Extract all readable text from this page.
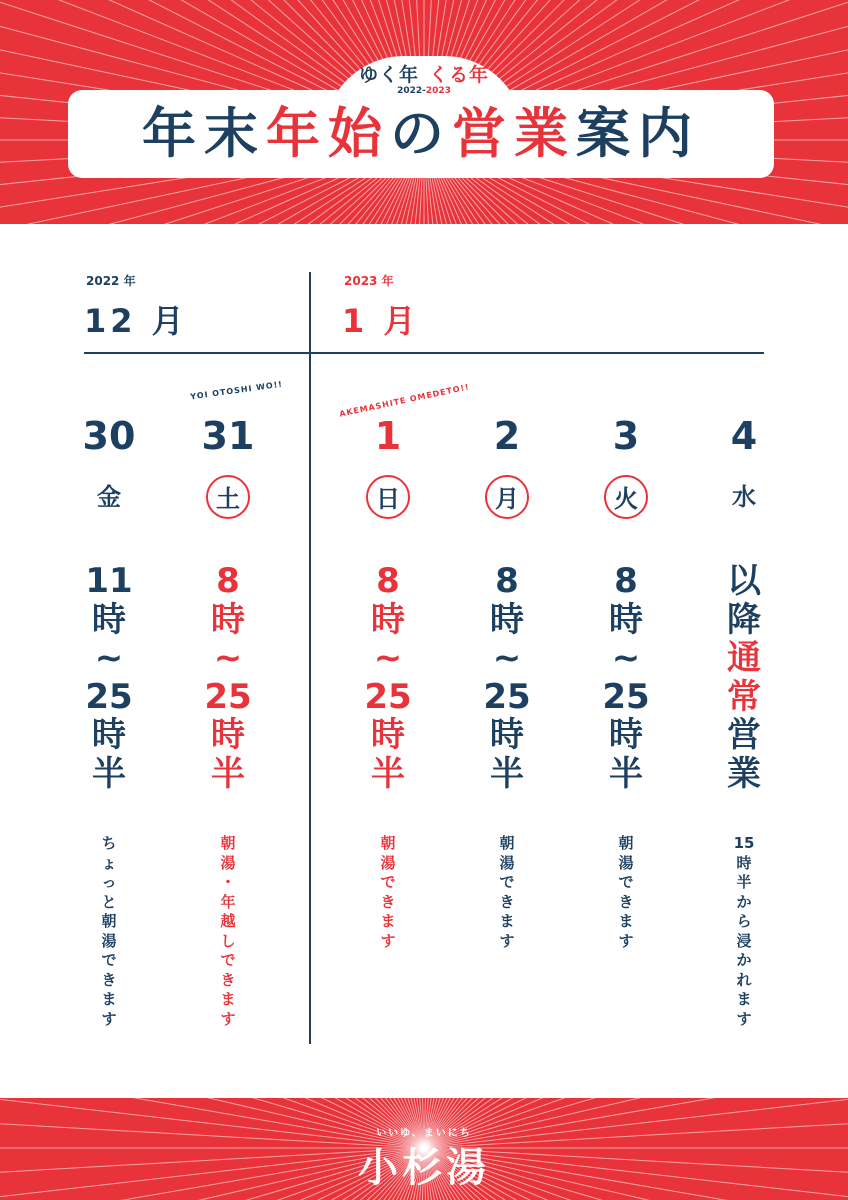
ゆく年 くる年
2022-2023
年末年始の営業案内
2022 年
12 月
2023 年
1 月
YOI OTOSHI WO!!	AKEMASHITE OMEDETO!!
30
金
11
時
~
25
時
半
ち
ょ
っ
と
朝
湯
で
き
ま
す
31
土
8
時
~
25
時
半
朝
湯
・
年
越
し
で
き
ま
す
1
日
8
時
~
25
時
半
朝
湯
で
き
ま
す
2
月
8
時
~
25
時
半
朝
湯
で
き
ま
す
3
火
8
時
~
25
時
半
朝
湯
で
き
ま
す
4
水
以
降
通
常
営
業
15
時
半
か
ら
浸
か
れ
ま
す
いいゆ、まいにち
小杉湯
